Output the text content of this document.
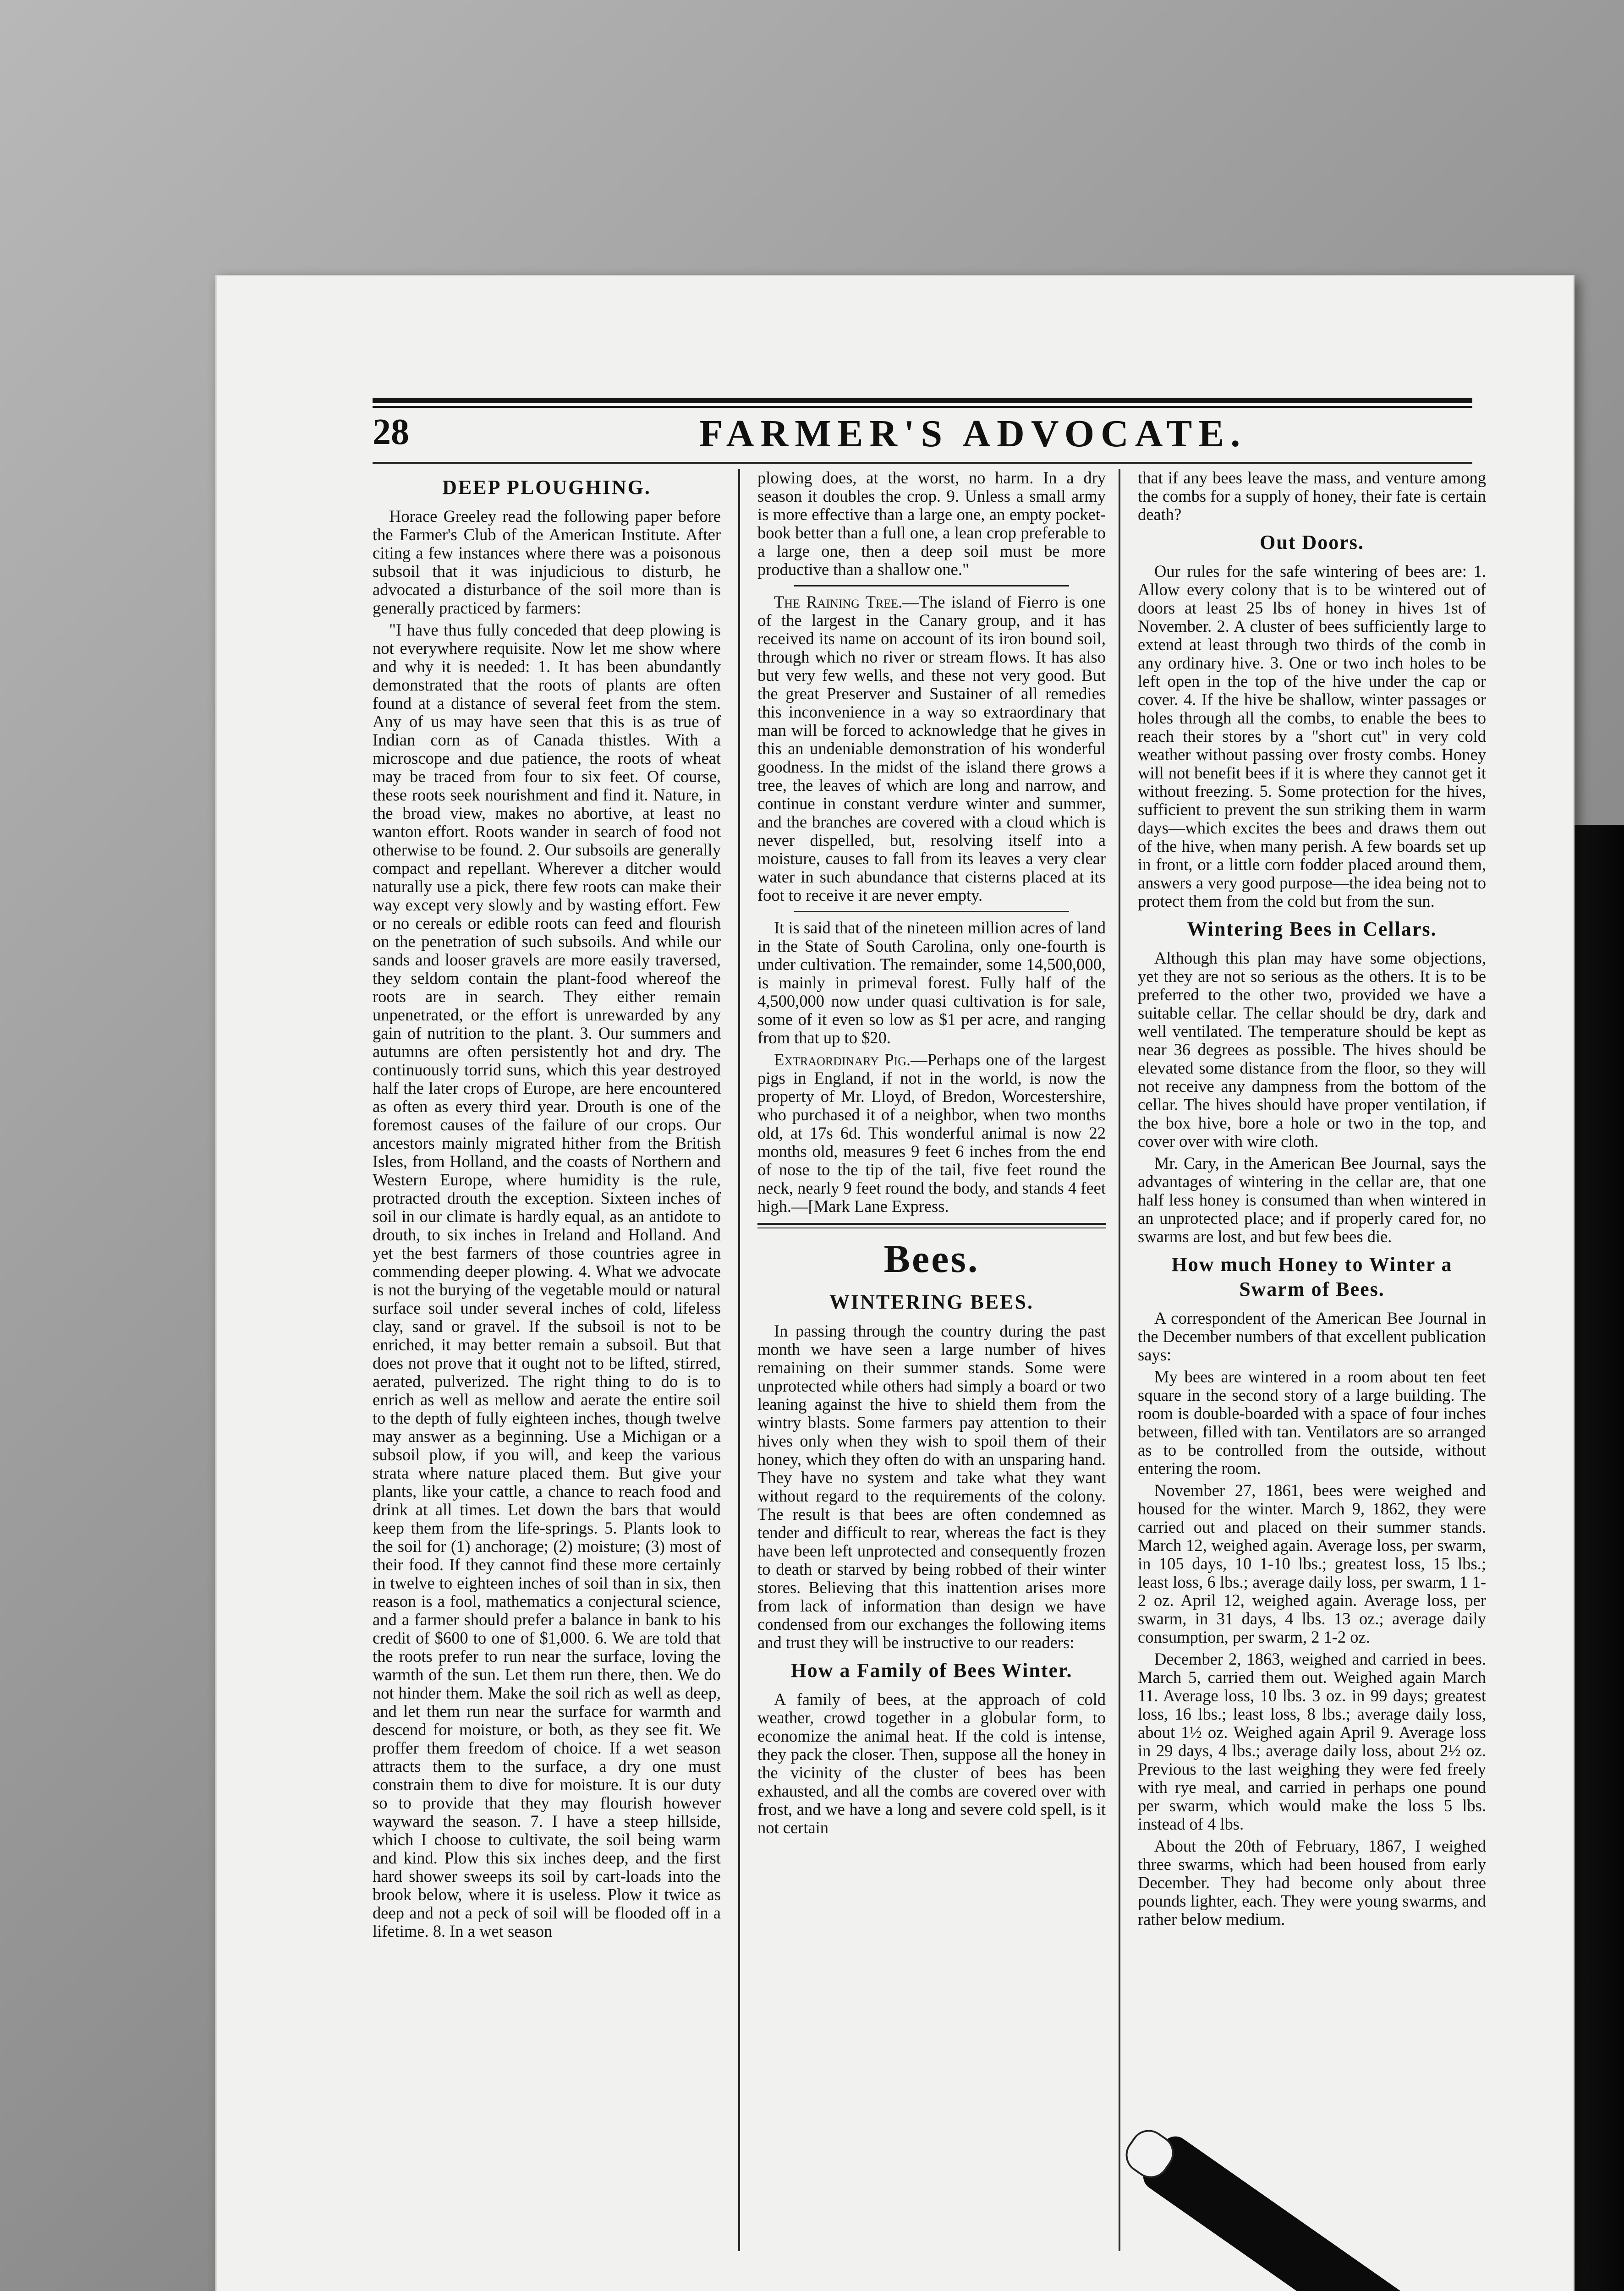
28	FARMER'S ADVOCATE.

DEEP PLOUGHING.

Horace Greeley read the following paper before the Farmer's Club of the American Institute. After citing a few instances where there was a poisonous subsoil that it was injudicious to disturb, he advocated a disturbance of the soil more than is generally practiced by farmers:

"I have thus fully conceded that deep plowing is not everywhere requisite. Now let me show where and why it is needed: 1. It has been abundantly demonstrated that the roots of plants are often found at a distance of several feet from the stem. Any of us may have seen that this is as true of Indian corn as of Canada thistles. With a microscope and due patience, the roots of wheat may be traced from four to six feet. Of course, these roots seek nourishment and find it. Nature, in the broad view, makes no abortive, at least no wanton effort. Roots wander in search of food not otherwise to be found. 2. Our subsoils are generally compact and repellant. Wherever a ditcher would naturally use a pick, there few roots can make their way except very slowly and by wasting effort. Few or no cereals or edible roots can feed and flourish on the penetration of such subsoils. And while our sands and looser gravels are more easily traversed, they seldom contain the plant-food whereof the roots are in search. They either remain unpenetrated, or the effort is unrewarded by any gain of nutrition to the plant. 3. Our summers and autumns are often persistently hot and dry. The continuously torrid suns, which this year destroyed half the later crops of Europe, are here encountered as often as every third year. Drouth is one of the foremost causes of the failure of our crops. Our ancestors mainly migrated hither from the British Isles, from Holland, and the coasts of Northern and Western Europe, where humidity is the rule, protracted drouth the exception. Sixteen inches of soil in our climate is hardly equal, as an antidote to drouth, to six inches in Ireland and Holland. And yet the best farmers of those countries agree in commending deeper plowing. 4. What we advocate is not the burying of the vegetable mould or natural surface soil under several inches of cold, lifeless clay, sand or gravel. If the subsoil is not to be enriched, it may better remain a subsoil. But that does not prove that it ought not to be lifted, stirred, aerated, pulverized. The right thing to do is to enrich as well as mellow and aerate the entire soil to the depth of fully eighteen inches, though twelve may answer as a beginning. Use a Michigan or a subsoil plow, if you will, and keep the various strata where nature placed them. But give your plants, like your cattle, a chance to reach food and drink at all times. Let down the bars that would keep them from the life-springs. 5. Plants look to the soil for (1) anchorage; (2) moisture; (3) most of their food. If they cannot find these more certainly in twelve to eighteen inches of soil than in six, then reason is a fool, mathematics a conjectural science, and a farmer should prefer a balance in bank to his credit of $600 to one of $1,000. 6. We are told that the roots prefer to run near the surface, loving the warmth of the sun. Let them run there, then. We do not hinder them. Make the soil rich as well as deep, and let them run near the surface for warmth and descend for moisture, or both, as they see fit. We proffer them freedom of choice. If a wet season attracts them to the surface, a dry one must constrain them to dive for moisture. It is our duty so to provide that they may flourish however wayward the season. 7. I have a steep hillside, which I choose to cultivate, the soil being warm and kind. Plow this six inches deep, and the first hard shower sweeps its soil by cart-loads into the brook below, where it is useless. Plow it twice as deep and not a peck of soil will be flooded off in a lifetime. 8. In a wet season

plowing does, at the worst, no harm. In a dry season it doubles the crop. 9. Unless a small army is more effective than a large one, an empty pocket-book better than a full one, a lean crop preferable to a large one, then a deep soil must be more productive than a shallow one."

The Raining Tree.—The island of Fierro is one of the largest in the Canary group, and it has received its name on account of its iron bound soil, through which no river or stream flows. It has also but very few wells, and these not very good. But the great Preserver and Sustainer of all remedies this inconvenience in a way so extraordinary that man will be forced to acknowledge that he gives in this an undeniable demonstration of his wonderful goodness. In the midst of the island there grows a tree, the leaves of which are long and narrow, and continue in constant verdure winter and summer, and the branches are covered with a cloud which is never dispelled, but, resolving itself into a moisture, causes to fall from its leaves a very clear water in such abundance that cisterns placed at its foot to receive it are never empty.

It is said that of the nineteen million acres of land in the State of South Carolina, only one-fourth is under cultivation. The remainder, some 14,500,000, is mainly in primeval forest. Fully half of the 4,500,000 now under quasi cultivation is for sale, some of it even so low as $1 per acre, and ranging from that up to $20.

Extraordinary Pig.—Perhaps one of the largest pigs in England, if not in the world, is now the property of Mr. Lloyd, of Bredon, Worcestershire, who purchased it of a neighbor, when two months old, at 17s 6d. This wonderful animal is now 22 months old, measures 9 feet 6 inches from the end of nose to the tip of the tail, five feet round the neck, nearly 9 feet round the body, and stands 4 feet high.—[Mark Lane Express.

Bees.

WINTERING BEES.

In passing through the country during the past month we have seen a large number of hives remaining on their summer stands. Some were unprotected while others had simply a board or two leaning against the hive to shield them from the wintry blasts. Some farmers pay attention to their hives only when they wish to spoil them of their honey, which they often do with an unsparing hand. They have no system and take what they want without regard to the requirements of the colony. The result is that bees are often condemned as tender and difficult to rear, whereas the fact is they have been left unprotected and consequently frozen to death or starved by being robbed of their winter stores. Believing that this inattention arises more from lack of information than design we have condensed from our exchanges the following items and trust they will be instructive to our readers:

How a Family of Bees Winter.

A family of bees, at the approach of cold weather, crowd together in a globular form, to economize the animal heat. If the cold is intense, they pack the closer. Then, suppose all the honey in the vicinity of the cluster of bees has been exhausted, and all the combs are covered over with frost, and we have a long and severe cold spell, is it not certain

that if any bees leave the mass, and venture among the combs for a supply of honey, their fate is certain death?

Out Doors.

Our rules for the safe wintering of bees are: 1. Allow every colony that is to be wintered out of doors at least 25 lbs of honey in hives 1st of November. 2. A cluster of bees sufficiently large to extend at least through two thirds of the comb in any ordinary hive. 3. One or two inch holes to be left open in the top of the hive under the cap or cover. 4. If the hive be shallow, winter passages or holes through all the combs, to enable the bees to reach their stores by a "short cut" in very cold weather without passing over frosty combs. Honey will not benefit bees if it is where they cannot get it without freezing. 5. Some protection for the hives, sufficient to prevent the sun striking them in warm days—which excites the bees and draws them out of the hive, when many perish. A few boards set up in front, or a little corn fodder placed around them, answers a very good purpose—the idea being not to protect them from the cold but from the sun.

Wintering Bees in Cellars.

Although this plan may have some objections, yet they are not so serious as the others. It is to be preferred to the other two, provided we have a suitable cellar. The cellar should be dry, dark and well ventilated. The temperature should be kept as near 36 degrees as possible. The hives should be elevated some distance from the floor, so they will not receive any dampness from the bottom of the cellar. The hives should have proper ventilation, if the box hive, bore a hole or two in the top, and cover over with wire cloth.

Mr. Cary, in the American Bee Journal, says the advantages of wintering in the cellar are, that one half less honey is consumed than when wintered in an unprotected place; and if properly cared for, no swarms are lost, and but few bees die.

How much Honey to Winter a Swarm of Bees.

A correspondent of the American Bee Journal in the December numbers of that excellent publication says:

My bees are wintered in a room about ten feet square in the second story of a large building. The room is double-boarded with a space of four inches between, filled with tan. Ventilators are so arranged as to be controlled from the outside, without entering the room.

November 27, 1861, bees were weighed and housed for the winter. March 9, 1862, they were carried out and placed on their summer stands. March 12, weighed again. Average loss, per swarm, in 105 days, 10 1-10 lbs.; greatest loss, 15 lbs.; least loss, 6 lbs.; average daily loss, per swarm, 1 1-2 oz. April 12, weighed again. Average loss, per swarm, in 31 days, 4 lbs. 13 oz.; average daily consumption, per swarm, 2 1-2 oz.

December 2, 1863, weighed and carried in bees. March 5, carried them out. Weighed again March 11. Average loss, 10 lbs. 3 oz. in 99 days; greatest loss, 16 lbs.; least loss, 8 lbs.; average daily loss, about 1½ oz. Weighed again April 9. Average loss in 29 days, 4 lbs.; average daily loss, about 2½ oz. Previous to the last weighing they were fed freely with rye meal, and carried in perhaps one pound per swarm, which would make the loss 5 lbs. instead of 4 lbs.

About the 20th of February, 1867, I weighed three swarms, which had been housed from early December. They had become only about three pounds lighter, each. They were young swarms, and rather below medium.
